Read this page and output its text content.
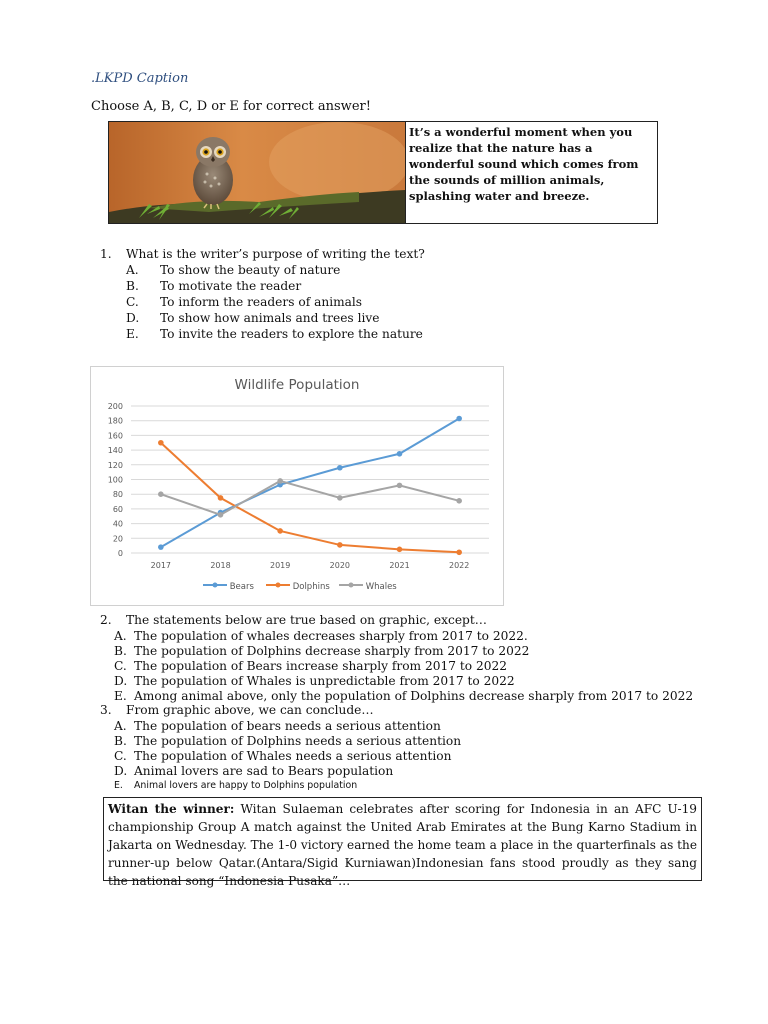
.LKPD Caption
Choose A, B, C, D or E for correct answer!
It’s a wonderful moment when you realize that the nature has a wonderful sound which comes from the sounds of million animals, splashing water and breeze.
1. What is the writer’s purpose of writing the text?
A. To show the beauty of nature
B. To motivate the reader
C. To inform the readers of animals
D. To show how animals and trees live
E. To invite the readers to explore the nature
Wildlife Population
0
20
40
60
80
100
120
140
160
180
200
2017	2018	2019	2020	2021	2022
Bears	Dolphins	Whales
2. The statements below are true based on graphic, except…
A. The population of whales decreases sharply from 2017 to 2022.
B. The population of Dolphins decrease sharply from 2017 to 2022
C. The population of Bears increase sharply from 2017 to 2022
D. The population of Whales is unpredictable from 2017 to 2022
E. Among animal above, only the population of Dolphins decrease sharply from 2017 to 2022
3. From graphic above, we can conclude…
A. The population of bears needs a serious attention
B. The population of Dolphins needs a serious attention
C. The population of Whales needs a serious attention
D. Animal lovers are sad to Bears population
E. Animal lovers are happy to Dolphins population
Witan the winner: Witan Sulaeman celebrates after scoring for Indonesia in an AFC U-19 championship Group A match against the United Arab Emirates at the Bung Karno Stadium in Jakarta on Wednesday. The 1-0 victory earned the home team a place in the quarterfinals as the runner-up below Qatar.(Antara/Sigid Kurniawan)Indonesian fans stood proudly as they sang the national song “Indonesia Pusaka”…
